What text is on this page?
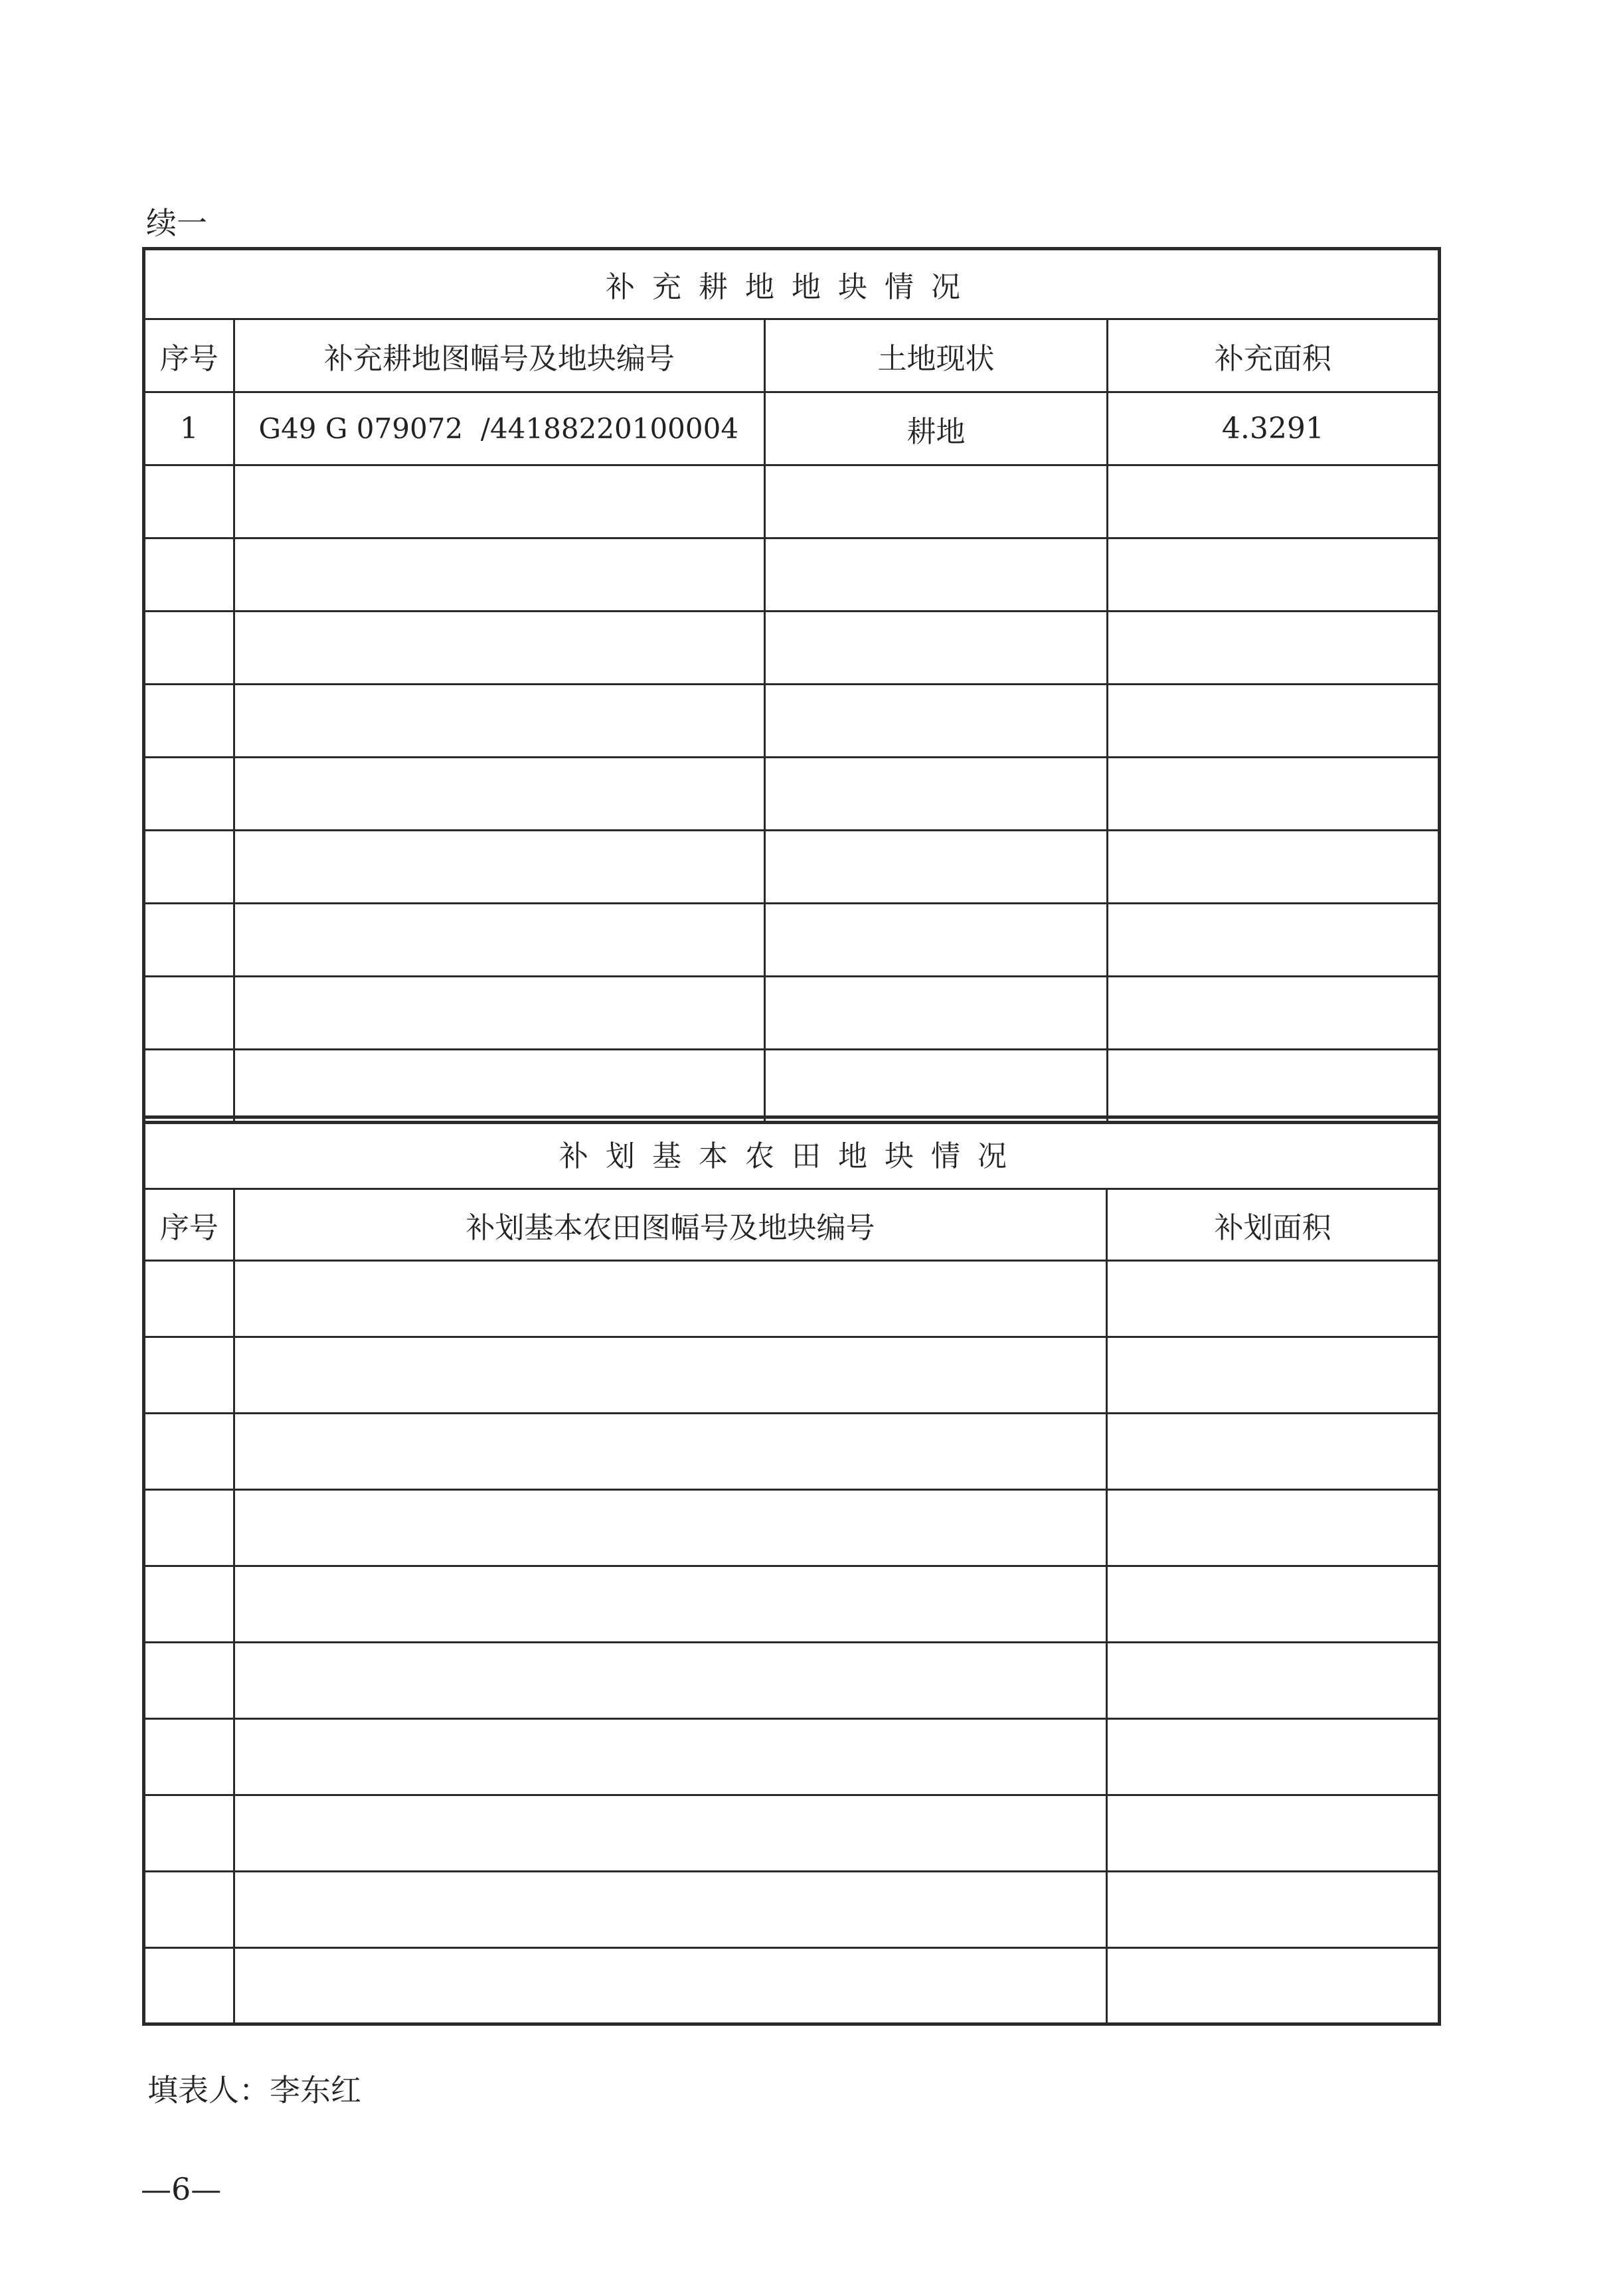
续一
补充耕地地块情况			
序号	补充耕地图幅号及地块编号	土地现状	补充面积
1	G49 G 079072  /44188220100004	耕地	4.3291

补划基本农田地块情况		
序号	补划基本农田图幅号及地块编号	补划面积

填表人：李东红
—6—
